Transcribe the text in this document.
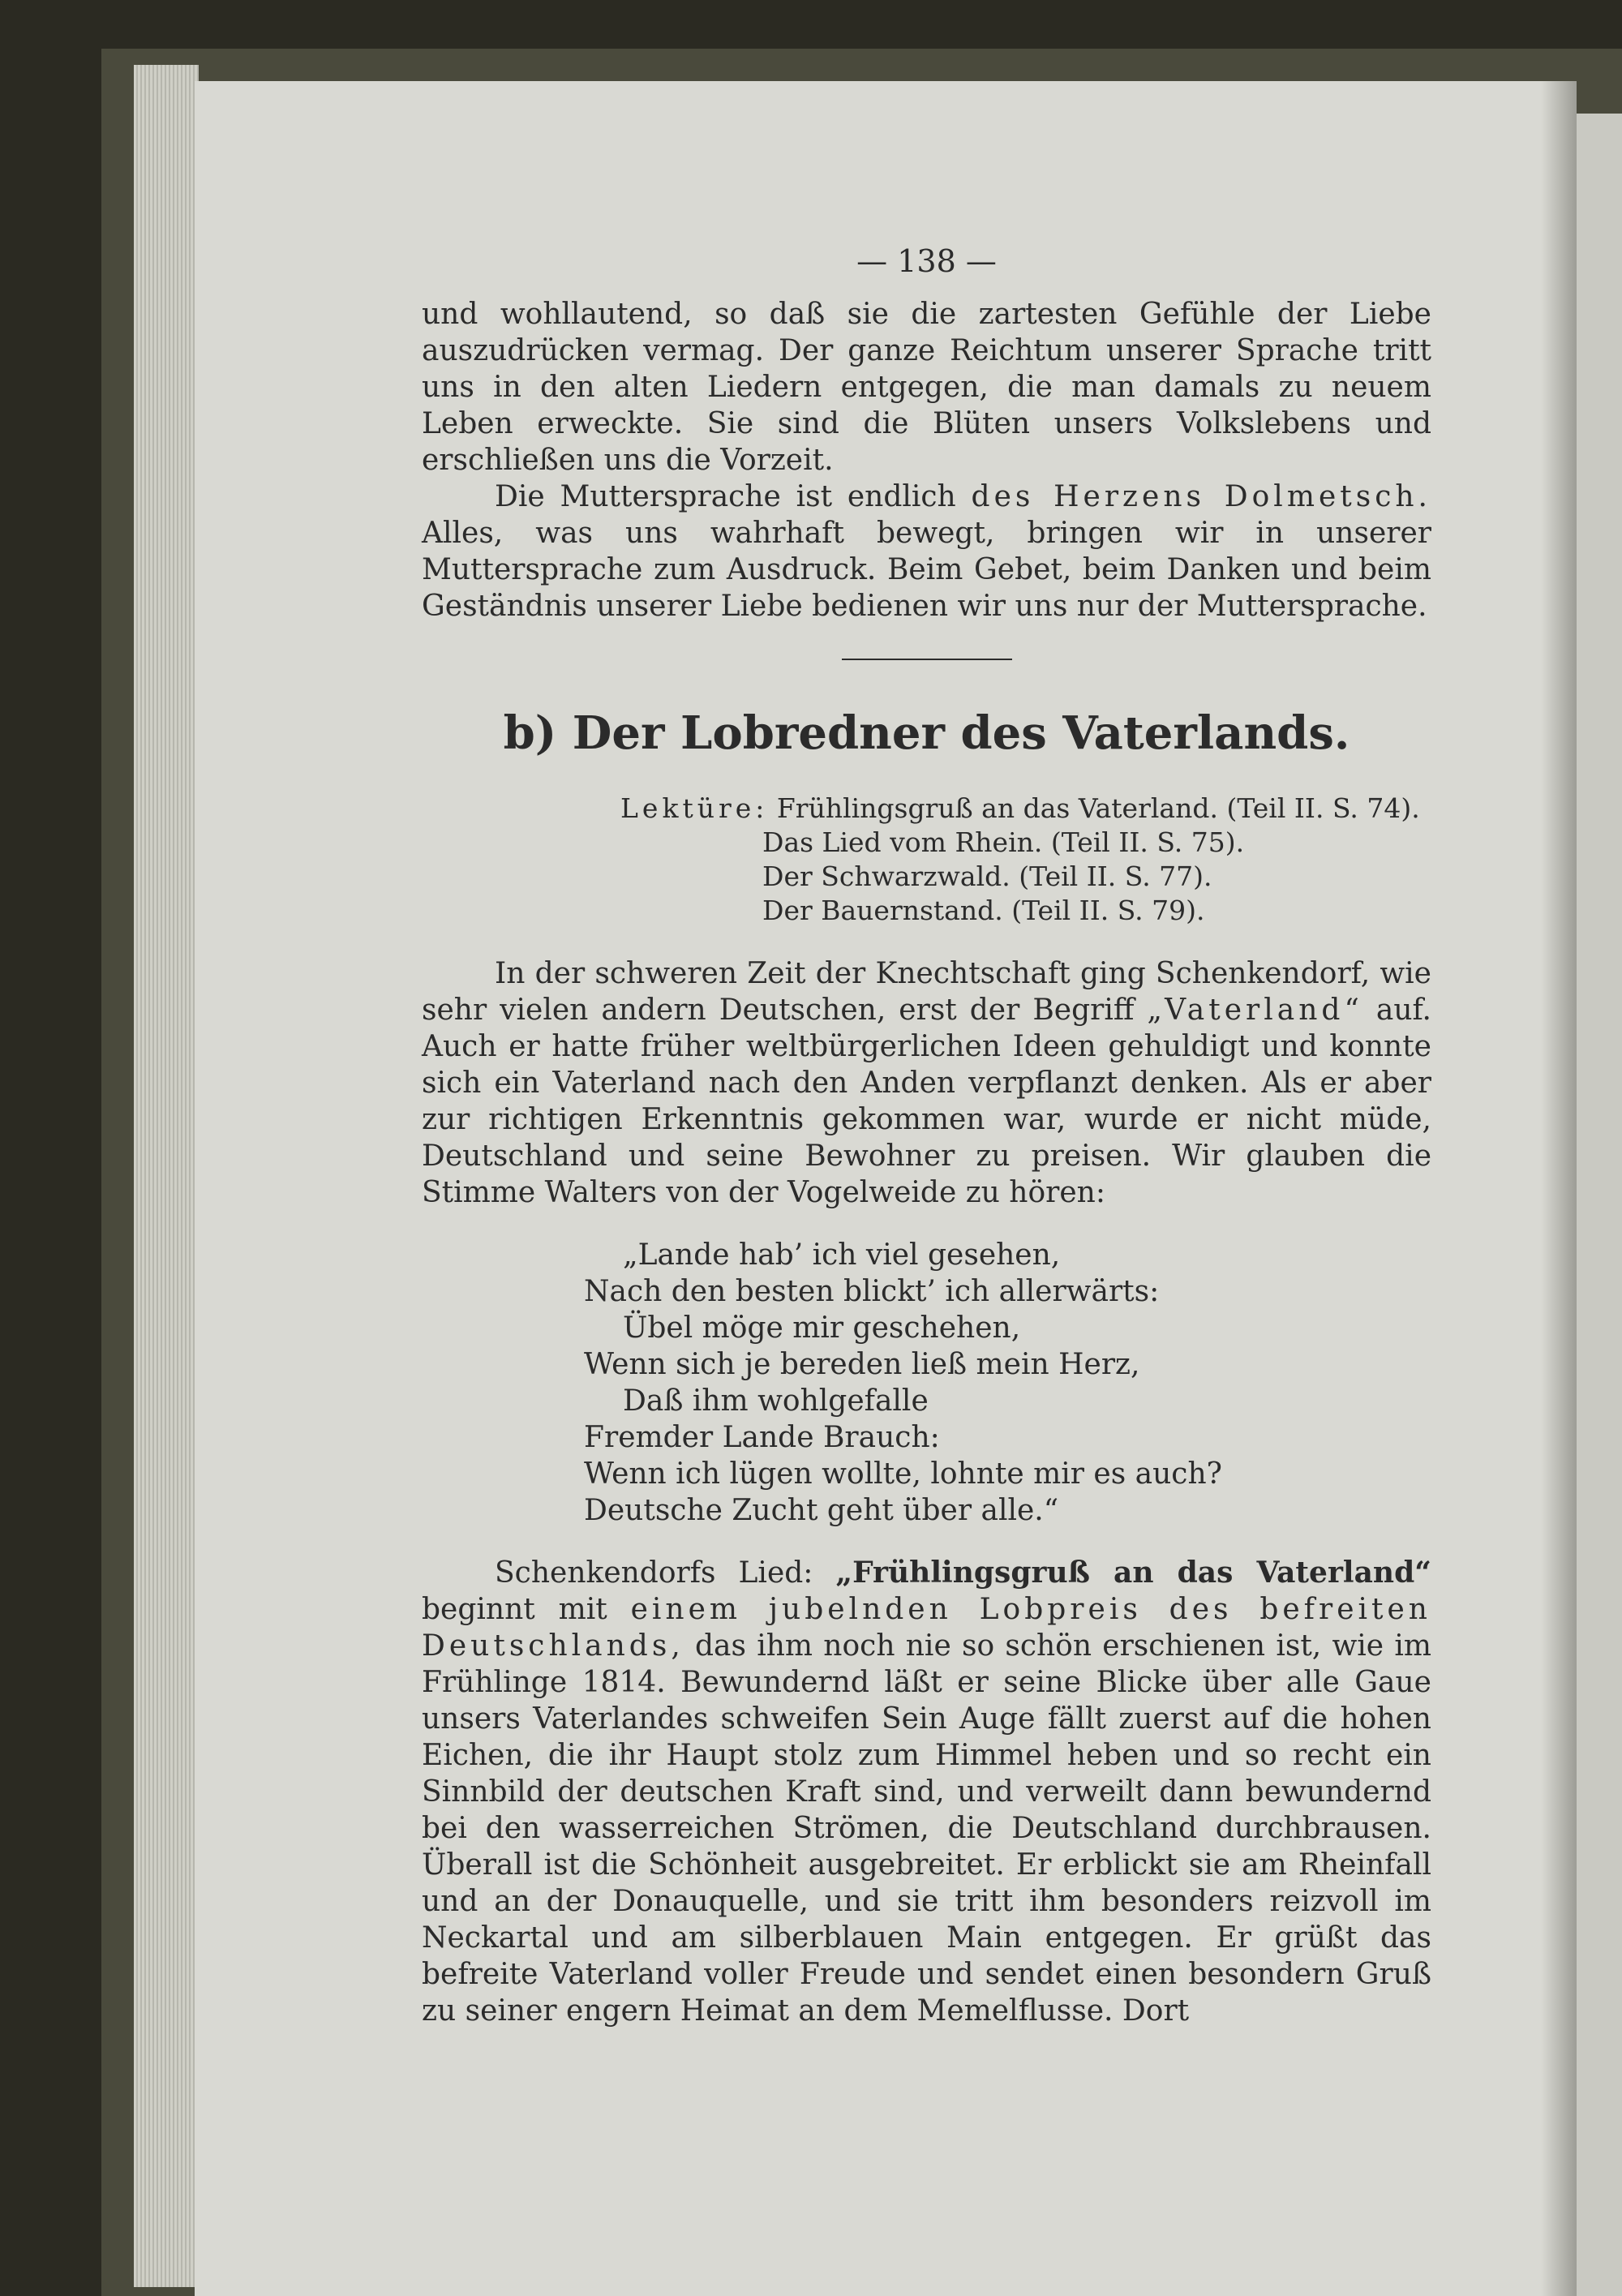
— 138 —

und wohllautend, so daß sie die zartesten Gefühle der Liebe auszudrücken vermag. Der ganze Reichtum unserer Sprache tritt uns in den alten Liedern entgegen, die man damals zu neuem Leben erweckte. Sie sind die Blüten unsers Volkslebens und erschließen uns die Vorzeit.

Die Muttersprache ist endlich des Herzens Dolmetsch. Alles, was uns wahrhaft bewegt, bringen wir in unserer Muttersprache zum Ausdruck. Beim Gebet, beim Danken und beim Geständnis unserer Liebe bedienen wir uns nur der Muttersprache.

b) Der Lobredner des Vaterlands.
Lektüre: Frühlingsgruß an das Vaterland. (Teil II. S. 74).
Das Lied vom Rhein. (Teil II. S. 75).
Der Schwarzwald. (Teil II. S. 77).
Der Bauernstand. (Teil II. S. 79).

In der schweren Zeit der Knechtschaft ging Schenkendorf, wie sehr vielen andern Deutschen, erst der Begriff „Vaterland“ auf. Auch er hatte früher weltbürgerlichen Ideen gehuldigt und konnte sich ein Vaterland nach den Anden verpflanzt denken. Als er aber zur richtigen Erkenntnis gekommen war, wurde er nicht müde, Deutschland und seine Bewohner zu preisen. Wir glauben die Stimme Walters von der Vogelweide zu hören:

„Lande hab’ ich viel gesehen,
Nach den besten blickt’ ich allerwärts:
Übel möge mir geschehen,
Wenn sich je bereden ließ mein Herz,
Daß ihm wohlgefalle
Fremder Lande Brauch:
Wenn ich lügen wollte, lohnte mir es auch?
Deutsche Zucht geht über alle.“

Schenkendorfs Lied: „Frühlingsgruß an das Vaterland“ beginnt mit einem jubelnden Lobpreis des befreiten Deutschlands, das ihm noch nie so schön erschienen ist, wie im Frühlinge 1814. Bewundernd läßt er seine Blicke über alle Gaue unsers Vaterlandes schweifen Sein Auge fällt zuerst auf die hohen Eichen, die ihr Haupt stolz zum Himmel heben und so recht ein Sinnbild der deutschen Kraft sind, und verweilt dann bewundernd bei den wasserreichen Strömen, die Deutschland durchbrausen. Überall ist die Schönheit ausgebreitet. Er erblickt sie am Rheinfall und an der Donauquelle, und sie tritt ihm besonders reizvoll im Neckartal und am silberblauen Main entgegen. Er grüßt das befreite Vaterland voller Freude und sendet einen besondern Gruß zu seiner engern Heimat an dem Memelflusse. Dort
